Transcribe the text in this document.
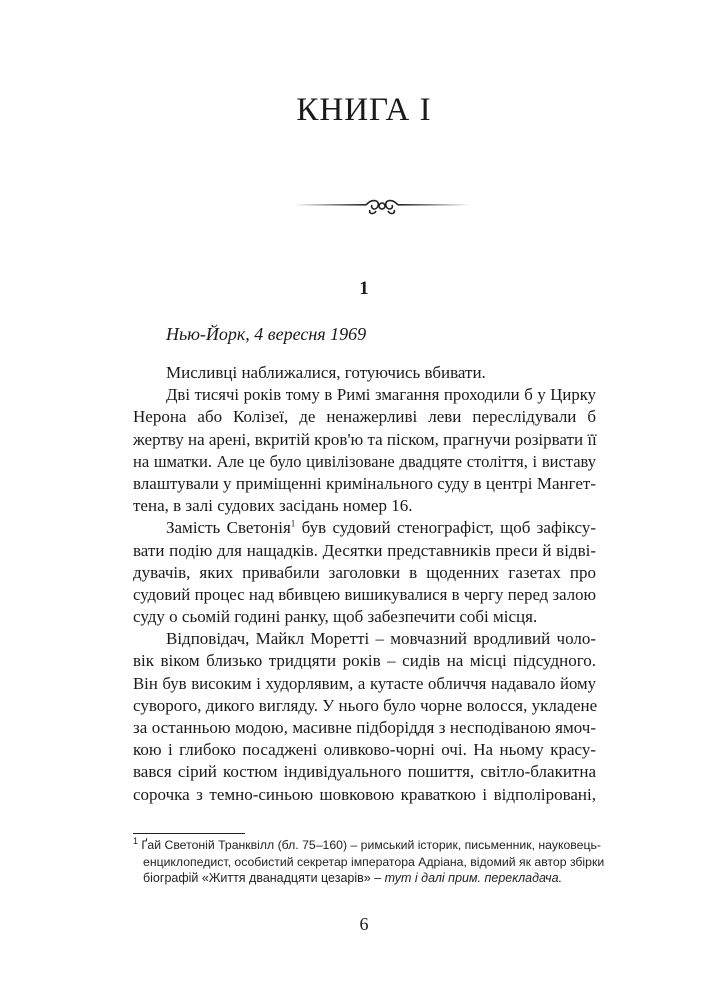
КНИГА І
1
Нью-Йорк, 4 вересня 1969
Мисливці наближалися, готуючись вбивати.
Дві тисячі років тому в Римі змагання проходили б у Цирку
Нерона або Колізеї, де ненажерливі леви переслідували б
жертву на арені, вкритій кров'ю та піском, прагнучи розірвати її
на шматки. Але це було цивілізоване двадцяте століття, і виставу
влаштували у приміщенні кримінального суду в центрі Мангет-
тена, в залі судових засідань номер 16.
Замість Светонія$^1$ був судовий стенографіст, щоб зафіксу-
вати подію для нащадків. Десятки представників преси й відві-
дувачів, яких привабили заголовки в щоденних газетах про
судовий процес над вбивцею вишикувалися в чергу перед залою
суду о сьомій годині ранку, щоб забезпечити собі місця.
Відповідач, Майкл Моретті – мовчазний вродливий чоло-
вік віком близько тридцяти років – сидів на місці підсудного.
Він був високим і худорлявим, а кутасте обличчя надавало йому
суворого, дикого вигляду. У нього було чорне волосся, укладене
за останньою модою, масивне підборіддя з несподіваною ямоч-
кою і глибоко посаджені оливково-чорні очі. На ньому красу-
вався сірий костюм індивідуального пошиття, світло-блакитна
сорочка з темно-синьою шовковою краваткою і відполіровані,
$^1$ Ґай Светоній Транквілл (бл. 75–160) – римський історик, письменник, науковець-
енциклопедист, особистий секретар імператора Адріана, відомий як автор збірки
біографій «Життя дванадцяти цезарів» – тут і далі прим. перекладача.
6
